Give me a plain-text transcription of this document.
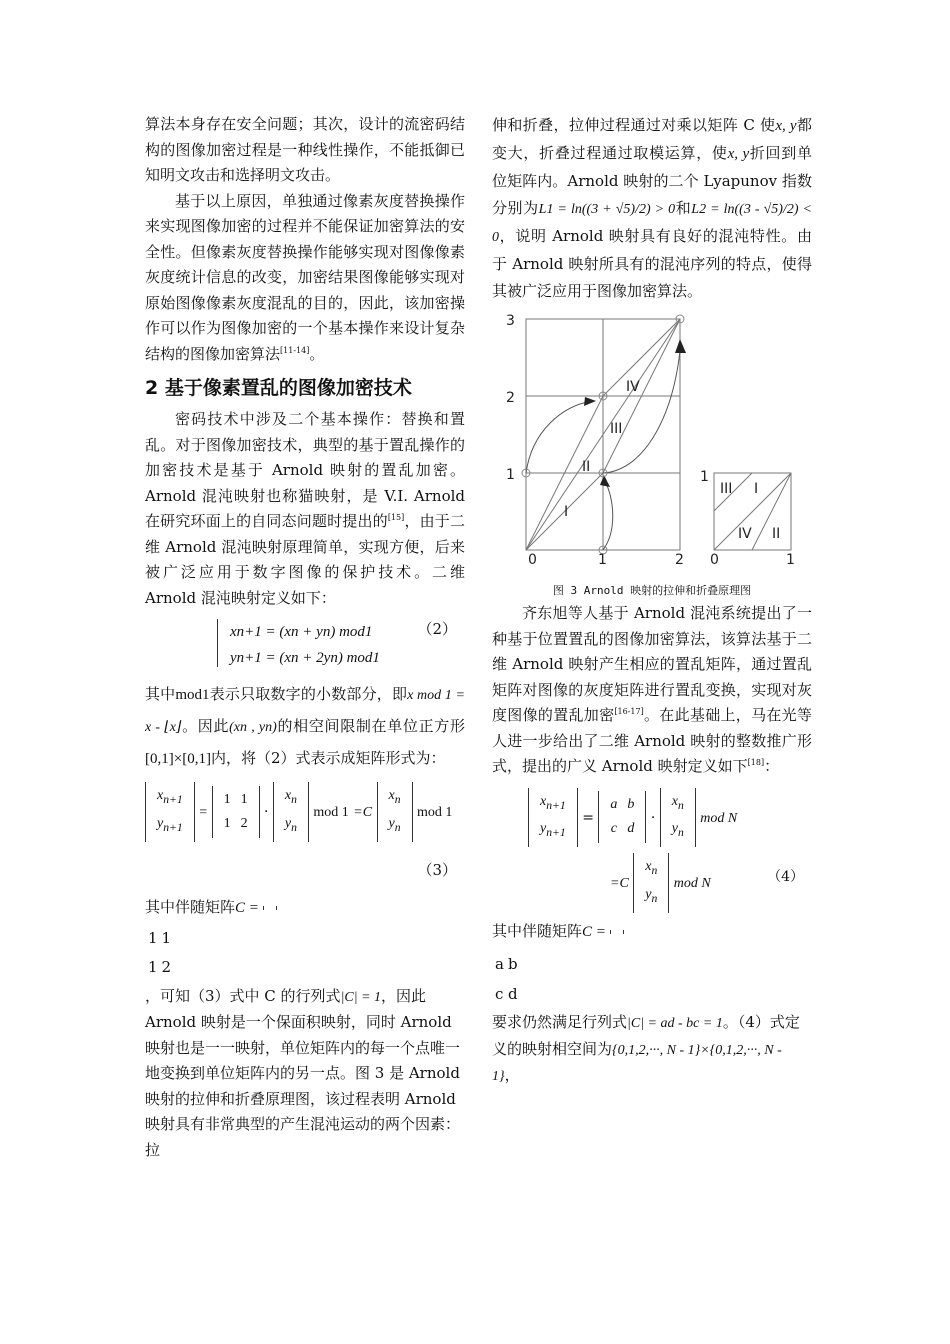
算法本身存在安全问题；其次，设计的流密码结构的图像加密过程是一种线性操作，不能抵御已知明文攻击和选择明文攻击。

基于以上原因，单独通过像素灰度替换操作来实现图像加密的过程并不能保证加密算法的安全性。但像素灰度替换操作能够实现对图像像素灰度统计信息的改变，加密结果图像能够实现对原始图像像素灰度混乱的目的，因此，该加密操作可以作为图像加密的一个基本操作来设计复杂结构的图像加密算法[11-14]。

2 基于像素置乱的图像加密技术

密码技术中涉及二个基本操作：替换和置乱。对于图像加密技术，典型的基于置乱操作的加密技术是基于 Arnold 映射的置乱加密。Arnold 混沌映射也称猫映射，是 V.I. Arnold 在研究环面上的自同态问题时提出的[15]，由于二维 Arnold 混沌映射原理简单，实现方便，后来被广泛应用于数字图像的保护技术。二维 Arnold 混沌映射定义如下：

xn+1 = (xn + yn) mod1
yn+1 = (xn + 2yn) mod1
（2）

其中mod1表示只取数字的小数部分，即x mod 1 = x - ⌊x⌋。因此(xn , yn)的相空间限制在单位正方形[0,1]×[0,1]内，将（2）式表示成矩阵形式为：

$x_{n+1}$
$y_{n+1}$
=
1	1
1	2
·
$x_n$
$y_n$
mod 1 =C
$x_n$
$y_n$
mod 1
（3）

其中伴随矩阵C =

1	1
1	2
，可知（3）式中 C 的行列式|C| = 1，因此 Arnold 映射是一个保面积映射，同时 Arnold 映射也是一一映射，单位矩阵内的每一个点唯一地变换到单位矩阵内的另一点。图 3 是 Arnold 映射的拉伸和折叠原理图，该过程表明 Arnold 映射具有非常典型的产生混沌运动的两个因素：拉

伸和折叠，拉伸过程通过对乘以矩阵 C 使x, y都变大，折叠过程通过取模运算，使x, y折回到单位矩阵内。Arnold 映射的二个 Lyapunov 指数分别为L1 = ln((3 + √5)/2) > 0和L2 = ln((3 - √5)/2) < 0，说明 Arnold 映射具有良好的混沌特性。由于 Arnold 映射所具有的混沌序列的特点，使得其被广泛应用于图像加密算法。

3
2
1
0	1	2
IV
III
II
I
1
0	1
III I
IV II
图 3 Arnold 映射的拉伸和折叠原理图

齐东旭等人基于 Arnold 混沌系统提出了一种基于位置置乱的图像加密算法，该算法基于二维 Arnold 映射产生相应的置乱矩阵，通过置乱矩阵对图像的灰度矩阵进行置乱变换，实现对灰度图像的置乱加密[16-17]。在此基础上，马在光等人进一步给出了二维 Arnold 映射的整数推广形式，提出的广义 Arnold 映射定义如下[18]：

$x_{n+1}$
$y_{n+1}$
=
a	b
c	d
·
$x_n$
$y_n$
mod N
=C
$x_n$
$y_n$
mod N	（4）

其中伴随矩阵C =

a	b
c	d
要求仍然满足行列式|C| = ad - bc = 1。（4）式定义的映射相空间为{0,1,2,···, N - 1}×{0,1,2,···, N - 1}，
